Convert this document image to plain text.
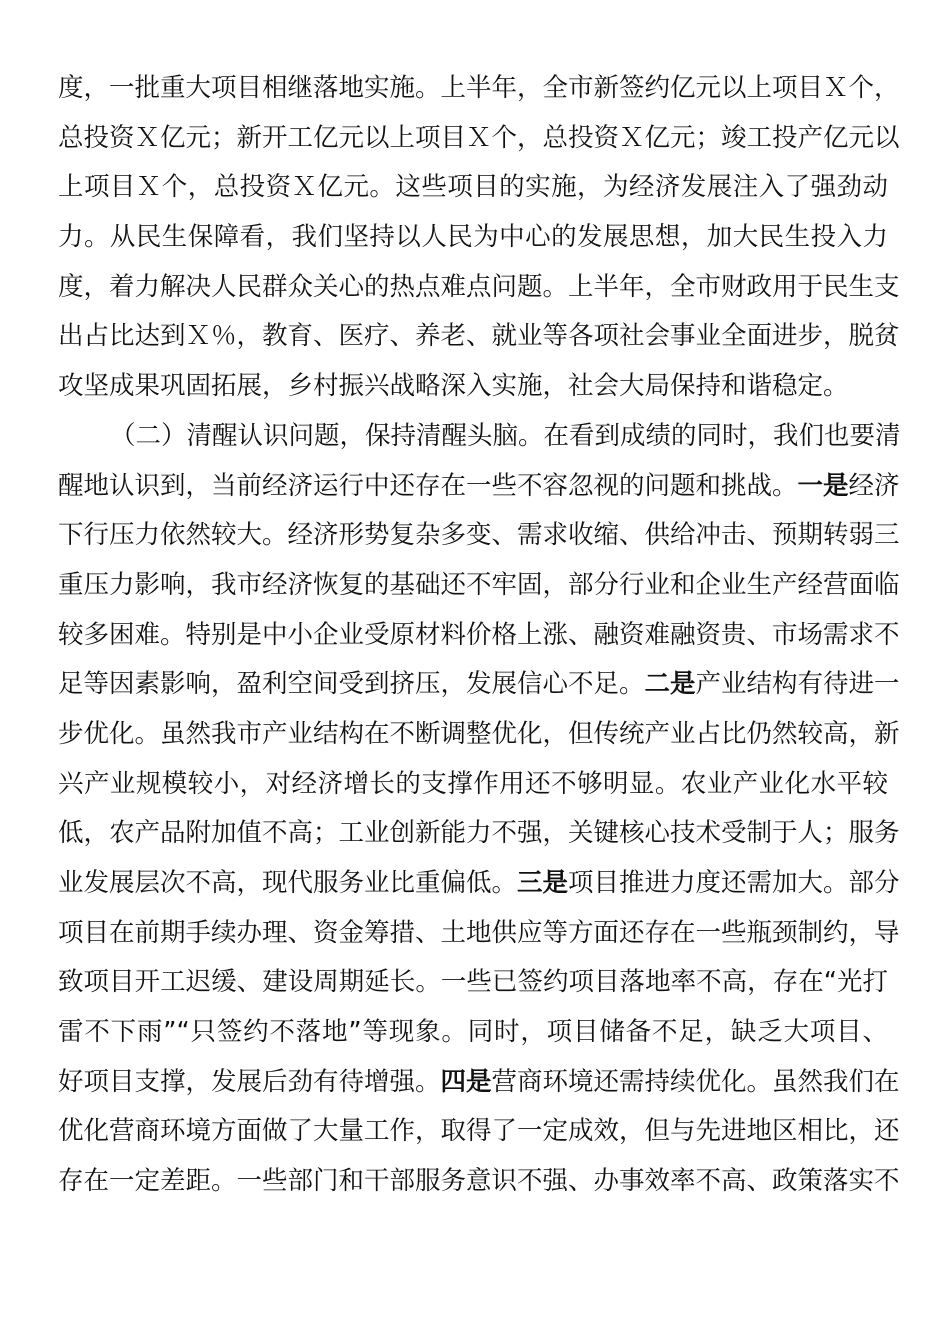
度，一批重大项目相继落地实施。上半年，全市新签约亿元以上项目Ｘ个，
总投资Ｘ亿元；新开工亿元以上项目Ｘ个，总投资Ｘ亿元；竣工投产亿元以
上项目Ｘ个，总投资Ｘ亿元。这些项目的实施，为经济发展注入了强劲动
力。从民生保障看，我们坚持以人民为中心的发展思想，加大民生投入力
度，着力解决人民群众关心的热点难点问题。上半年，全市财政用于民生支
出占比达到Ｘ％，教育、医疗、养老、就业等各项社会事业全面进步，脱贫
攻坚成果巩固拓展，乡村振兴战略深入实施，社会大局保持和谐稳定。
（二）清醒认识问题，保持清醒头脑。在看到成绩的同时，我们也要清
醒地认识到，当前经济运行中还存在一些不容忽视的问题和挑战。一是经济
下行压力依然较大。经济形势复杂多变、需求收缩、供给冲击、预期转弱三
重压力影响，我市经济恢复的基础还不牢固，部分行业和企业生产经营面临
较多困难。特别是中小企业受原材料价格上涨、融资难融资贵、市场需求不
足等因素影响，盈利空间受到挤压，发展信心不足。二是产业结构有待进一
步优化。虽然我市产业结构在不断调整优化，但传统产业占比仍然较高，新
兴产业规模较小，对经济增长的支撑作用还不够明显。农业产业化水平较
低，农产品附加值不高；工业创新能力不强，关键核心技术受制于人；服务
业发展层次不高，现代服务业比重偏低。三是项目推进力度还需加大。部分
项目在前期手续办理、资金筹措、土地供应等方面还存在一些瓶颈制约，导
致项目开工迟缓、建设周期延长。一些已签约项目落地率不高，存在“光打
雷不下雨”“只签约不落地”等现象。同时，项目储备不足，缺乏大项目、
好项目支撑，发展后劲有待增强。四是营商环境还需持续优化。虽然我们在
优化营商环境方面做了大量工作，取得了一定成效，但与先进地区相比，还
存在一定差距。一些部门和干部服务意识不强、办事效率不高、政策落实不
